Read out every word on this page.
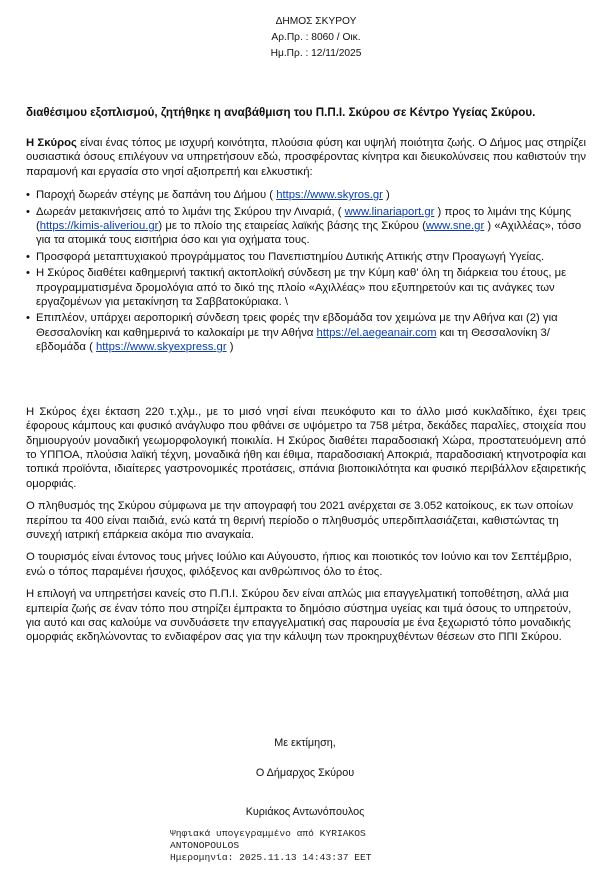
ΔΗΜΟΣ ΣΚΥΡΟΥ
Αρ.Πρ. : 8060 / Οικ.
Ημ.Πρ. : 12/11/2025
διαθέσιμου εξοπλισμού, ζητήθηκε η αναβάθμιση του Π.Π.Ι. Σκύρου σε Κέντρο Υγείας Σκύρου.

Η Σκύρος είναι ένας τόπος με ισχυρή κοινότητα, πλούσια φύση και υψηλή ποιότητα ζωής. Ο Δήμος μας στηρίζει ουσιαστικά όσους επιλέγουν να υπηρετήσουν εδώ, προσφέροντας κίνητρα και διευκολύνσεις που καθιστούν την παραμονή και εργασία στο νησί αξιοπρεπή και ελκυστική:

• Παροχή δωρεάν στέγης με δαπάνη του Δήμου ( https://www.skyros.gr )
• Δωρεάν μετακινήσεις από το λιμάνι της Σκύρου την Λιναριά, ( www.linariaport.gr ) προς το λιμάνι της Κύμης (https://kimis-aliveriou.gr) με το πλοίο της εταιρείας λαϊκής βάσης της Σκύρου (www.sne.gr ) «Αχιλλέας», τόσο για τα ατομικά τους εισιτήρια όσο και για οχήματα τους.
• Προσφορά μεταπτυχιακού προγράμματος του Πανεπιστημίου Δυτικής Αττικής στην Προαγωγή Υγείας.
• Η Σκύρος διαθέτει καθημερινή τακτική ακτοπλοϊκή σύνδεση με την Κύμη καθ' όλη τη διάρκεια του έτους, με προγραμματισμένα δρομολόγια από το δικό της πλοίο «Αχιλλέας» που εξυπηρετούν και τις ανάγκες των εργαζομένων για μετακίνηση τα Σαββατοκύριακα. \
• Επιπλέον, υπάρχει αεροπορική σύνδεση τρεις φορές την εβδομάδα τον χειμώνα με την Αθήνα και (2) για Θεσσαλονίκη και καθημερινά το καλοκαίρι με την Αθήνα https://el.aegeanair.com και τη Θεσσαλονίκη 3/εβδομάδα ( https://www.skyexpress.gr )

Η Σκύρος έχει έκταση 220 τ.χλμ., με το μισό νησί είναι πευκόφυτο και το άλλο μισό κυκλαδίτικο, έχει τρεις έφορους κάμπους και φυσικό ανάγλυφο που φθάνει σε υψόμετρο τα 758 μέτρα, δεκάδες παραλίες, στοιχεία που δημιουργούν μοναδική γεωμορφολογική ποικιλία. Η Σκύρος διαθέτει παραδοσιακή Χώρα, προστατευόμενη από το ΥΠΠΟΑ, πλούσια λαϊκή τέχνη, μοναδικά ήθη και έθιμα, παραδοσιακή Αποκριά, παραδοσιακή κτηνοτροφία και τοπικά προϊόντα, ιδιαίτερες γαστρονομικές προτάσεις, σπάνια βιοποικιλότητα και φυσικό περιβάλλον εξαιρετικής ομορφιάς.

Ο πληθυσμός της Σκύρου σύμφωνα με την απογραφή του 2021 ανέρχεται σε 3.052 κατοίκους, εκ των οποίων περίπου τα 400 είναι παιδιά, ενώ κατά τη θερινή περίοδο ο πληθυσμός υπερδιπλασιάζεται, καθιστώντας τη συνεχή ιατρική επάρκεια ακόμα πιο αναγκαία.

Ο τουρισμός είναι έντονος τους μήνες Ιούλιο και Αύγουστο, ήπιος και ποιοτικός τον Ιούνιο και τον Σεπτέμβριο, ενώ ο τόπος παραμένει ήσυχος, φιλόξενος και ανθρώπινος όλο το έτος.

Η επιλογή να υπηρετήσει κανείς στο Π.Π.Ι. Σκύρου δεν είναι απλώς μια επαγγελματική τοποθέτηση, αλλά μια εμπειρία ζωής σε έναν τόπο που στηρίζει έμπρακτα το δημόσιο σύστημα υγείας και τιμά όσους το υπηρετούν, για αυτό και σας καλούμε να συνδυάσετε την επαγγελματική σας παρουσία με ένα ξεχωριστό τόπο μοναδικής ομορφιάς εκδηλώνοντας το ενδιαφέρον σας για την κάλυψη των προκηρυχθέντων θέσεων στο ΠΠΙ Σκύρου.

Με εκτίμηση,
Ο Δήμαρχος Σκύρου
Κυριάκος Αντωνόπουλος
Ψηφιακά υπογεγραμμένο από KYRIAKOS
ANTONOPOULOS
Ημερομηνία: 2025.11.13 14:43:37 EET
